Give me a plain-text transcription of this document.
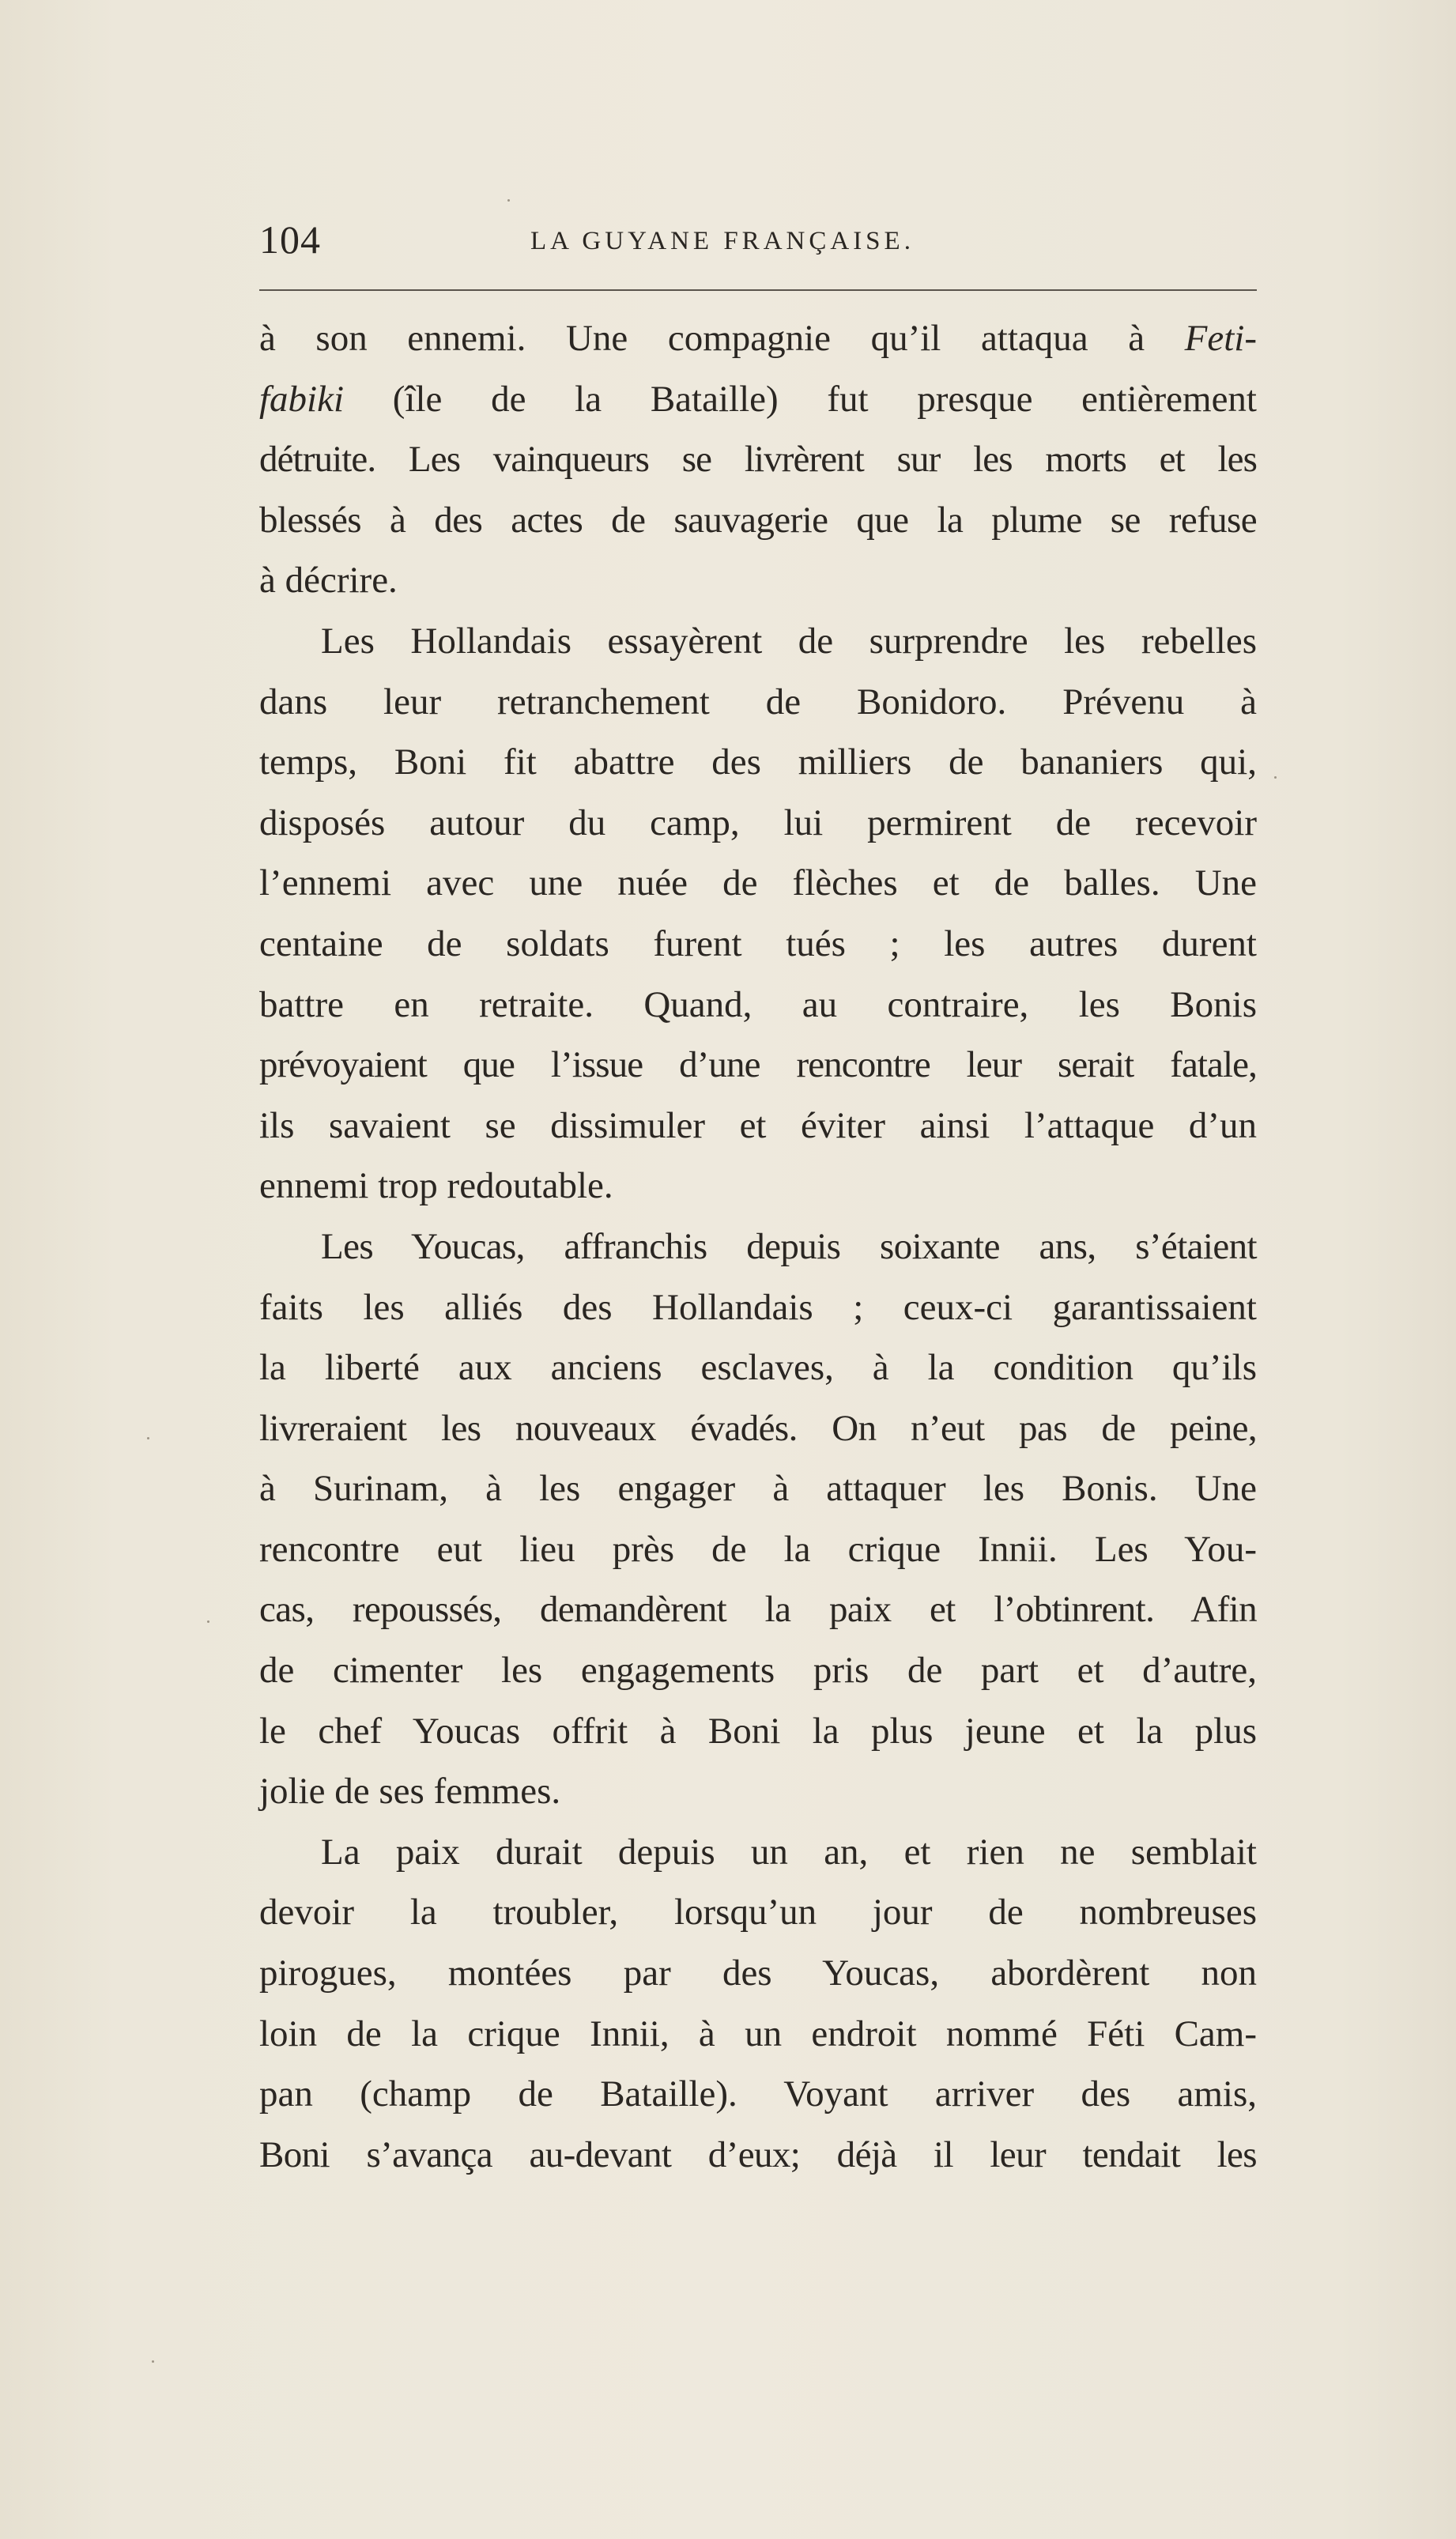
104	LA GUYANE FRANÇAISE.
à son ennemi. Une compagnie qu’il attaqua à Feti-
fabiki (île de la Bataille) fut presque entièrement
détruite. Les vainqueurs se livrèrent sur les morts et les
blessés à des actes de sauvagerie que la plume se refuse
à décrire.
Les Hollandais essayèrent de surprendre les rebelles
dans leur retranchement de Bonidoro. Prévenu à
temps, Boni fit abattre des milliers de bananiers qui,
disposés autour du camp, lui permirent de recevoir
l’ennemi avec une nuée de flèches et de balles. Une
centaine de soldats furent tués ; les autres durent
battre en retraite. Quand, au contraire, les Bonis
prévoyaient que l’issue d’une rencontre leur serait fatale,
ils savaient se dissimuler et éviter ainsi l’attaque d’un
ennemi trop redoutable.
Les Youcas, affranchis depuis soixante ans, s’étaient
faits les alliés des Hollandais ; ceux-ci garantissaient
la liberté aux anciens esclaves, à la condition qu’ils
livreraient les nouveaux évadés. On n’eut pas de peine,
à Surinam, à les engager à attaquer les Bonis. Une
rencontre eut lieu près de la crique Innii. Les You-
cas, repoussés, demandèrent la paix et l’obtinrent. Afin
de cimenter les engagements pris de part et d’autre,
le chef Youcas offrit à Boni la plus jeune et la plus
jolie de ses femmes.
La paix durait depuis un an, et rien ne semblait
devoir la troubler, lorsqu’un jour de nombreuses
pirogues, montées par des Youcas, abordèrent non
loin de la crique Innii, à un endroit nommé Féti Cam-
pan (champ de Bataille). Voyant arriver des amis,
Boni s’avança au-devant d’eux; déjà il leur tendait les
